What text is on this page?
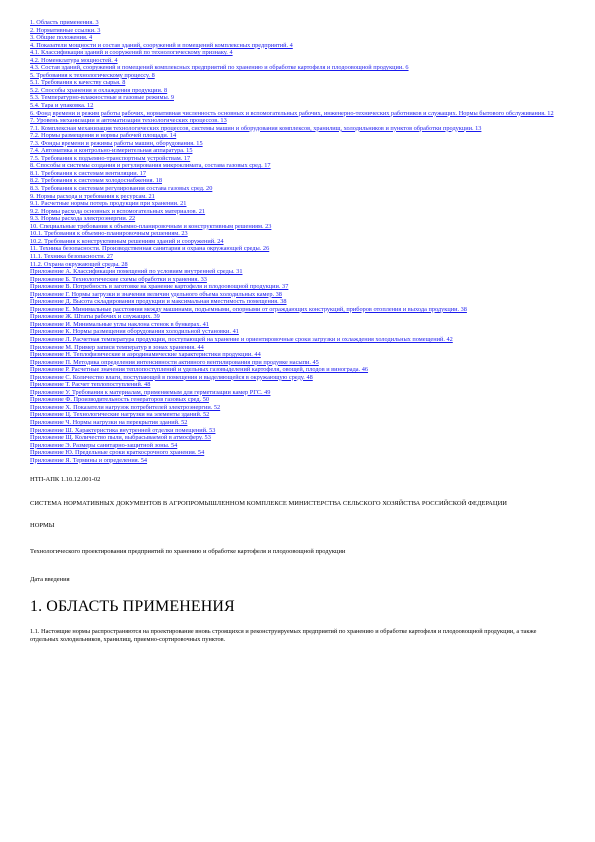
1. Область применения. 3
2. Нормативные ссылки. 3
3. Общие положения. 4
4. Показатели мощности и состав зданий, сооружений и помещений комплексных предприятий. 4
4.1. Классификация зданий и сооружений по технологическому признаку. 4
4.2. Номенклатура мощностей. 4
4.3. Состав зданий, сооружений и помещений комплексных предприятий по хранению и обработке картофеля и плодоовощной продукции. 6
5. Требования к технологическому процессу. 8
5.1. Требования к качеству сырья. 8
5.2. Способы хранения и охлаждения продукции. 8
5.3. Температурно-влажностные и газовые режимы. 9
5.4. Тара и упаковка. 12
6. Фонд времени и режим работы рабочих, нормативная численность основных и вспомогательных рабочих, инженерно-технических работников и служащих. Нормы бытового обслуживания. 12
7. Уровень механизации и автоматизации технологических процессов. 13
7.1. Комплексная механизация технологических процессов, системы машин и оборудования комплексов, хранилищ, холодильников и пунктов обработки продукции. 13
7.2. Нормы размещения и нормы рабочей площади. 14
7.3. Фонды времени и режимы работы машин, оборудования. 15
7.4. Автоматика и контрольно-измерительная аппаратура. 15
7.5. Требования к подъемно-транспортным устройствам. 17
8. Способы и системы создания и регулирования микроклимата, состава газовых сред. 17
8.1. Требования к системам вентиляции. 17
8.2. Требования к системам холодоснабжения. 18
8.3. Требования к системам регулирования состава газовых сред. 20
9. Нормы расхода и требования к ресурсам. 21
9.1. Расчетные нормы потерь продукции при хранении. 21
9.2. Нормы расхода основных и вспомогательных материалов. 21
9.3. Нормы расхода электроэнергии. 22
10. Специальные требования к объемно-планировочным и конструктивным решениям. 23
10.1. Требования к объемно-планировочным решениям. 23
10.2. Требования к конструктивным решениям зданий и сооружений. 24
11. Техника безопасности. Производственная санитария и охрана окружающей среды. 26
11.1. Техника безопасности. 27
11.2. Охрана окружающей среды. 28
Приложение А. Классификация помещений по условиям внутренней среды. 31
Приложение Б. Технологические схемы обработки и хранения. 33
Приложение В. Потребность в заготовке на хранение картофеля и плодоовощной продукции. 37
Приложение Г. Нормы загрузки и значения величин удельного объема холодильных камер. 38
Приложение Д. Высота складирования продукции и максимальная вместимость помещения. 38
Приложение Е. Минимальные расстояния между машинами, подъемными, опорными от ограждающих конструкций, приборов отопления и выхода продукции. 38
Приложение Ж. Штаты рабочих и служащих. 39
Приложение И. Минимальные углы наклона стенок в бункерах. 41
Приложение К. Нормы размещения оборудования холодильной установки. 41
Приложение Л. Расчетная температура продукции, поступающей на хранение и ориентировочные сроки загрузки и охлаждения холодильных помещений. 42
Приложение М. Пример записи температур в зонах хранения. 44
Приложение Н. Теплофизические и аэродинамические характеристики продукции. 44
Приложение П. Методика определения интенсивности активного вентилирования при продувке насыпи. 45
Приложение Р. Расчетные значения теплопоступлений и удельных газовыделений картофеля, овощей, плодов и винограда. 46
Приложение С. Количество влаги, поступающей в помещения и выделяющейся в окружающую среду. 48
Приложение Т. Расчет теплопоступлений. 48
Приложение У. Требования к материалам, применяемым для герметизации камер РГС. 49
Приложение Ф. Производительность генераторов газовых сред. 50
Приложение Х. Показатели нагрузок потребителей электроэнергии. 52
Приложение Ц. Технологические нагрузки на элементы зданий. 52
Приложение Ч. Нормы нагрузки на перекрытия зданий. 52
Приложение Ш. Характеристика внутренней отделки помещений. 53
Приложение Щ. Количество пыли, выбрасываемой в атмосферу. 53
Приложение Э. Размеры санитарно-защитной зоны. 54
Приложение Ю. Предельные сроки краткосрочного хранения. 54
Приложение Я. Термины и определения. 54

НТП-АПК 1.10.12.001-02

СИСТЕМА НОРМАТИВНЫХ ДОКУМЕНТОВ В АГРОПРОМЫШЛЕННОМ КОМПЛЕКСЕ МИНИСТЕРСТВА СЕЛЬСКОГО ХОЗЯЙСТВА РОССИЙСКОЙ ФЕДЕРАЦИИ

НОРМЫ

Технологического проектирования предприятий по хранению и обработке картофеля и плодоовощной продукции

Дата введения

1. ОБЛАСТЬ ПРИМЕНЕНИЯ

1.1. Настоящие нормы распространяются на проектирование вновь строящихся и реконструируемых предприятий по хранению и обработке картофеля и плодоовощной продукции, а также отдельных холодильников, хранилищ, приемно-сортировочных пунктов.
